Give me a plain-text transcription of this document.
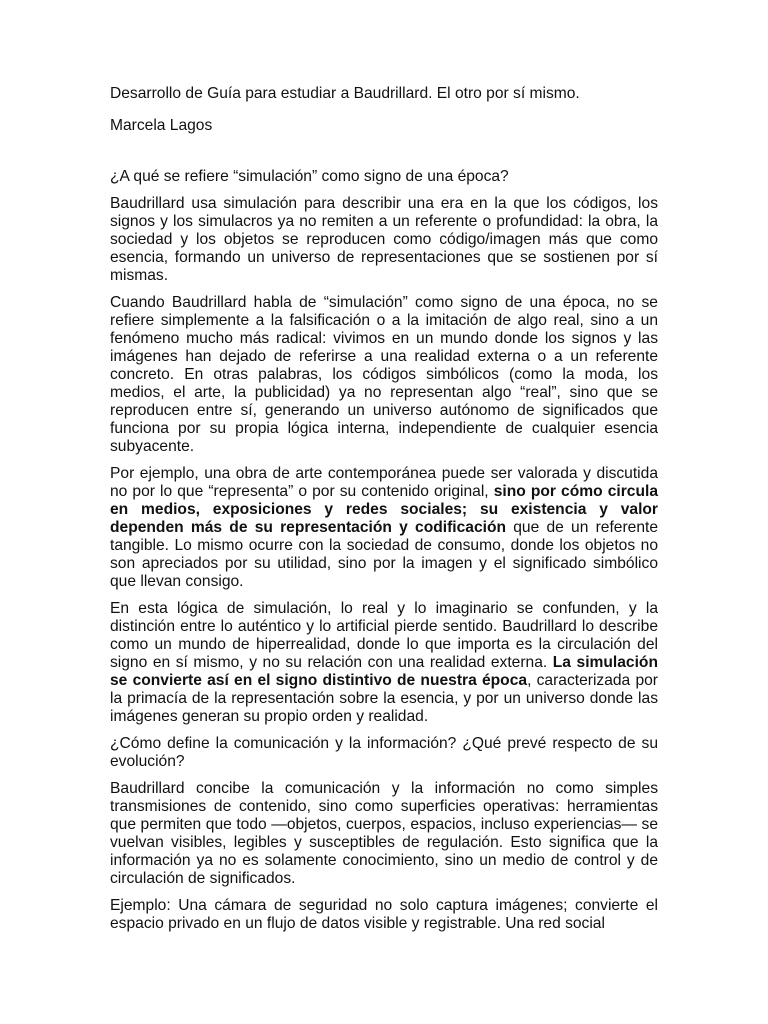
Desarrollo de Guía para estudiar a Baudrillard. El otro por sí mismo.

Marcela Lagos

¿A qué se refiere “simulación” como signo de una época?

Baudrillard usa simulación para describir una era en la que los códigos, los signos y los simulacros ya no remiten a un referente o profundidad: la obra, la sociedad y los objetos se reproducen como código/imagen más que como esencia, formando un universo de representaciones que se sostienen por sí mismas.

Cuando Baudrillard habla de “simulación” como signo de una época, no se refiere simplemente a la falsificación o a la imitación de algo real, sino a un fenómeno mucho más radical: vivimos en un mundo donde los signos y las imágenes han dejado de referirse a una realidad externa o a un referente concreto. En otras palabras, los códigos simbólicos (como la moda, los medios, el arte, la publicidad) ya no representan algo “real”, sino que se reproducen entre sí, generando un universo autónomo de significados que funciona por su propia lógica interna, independiente de cualquier esencia subyacente.

Por ejemplo, una obra de arte contemporánea puede ser valorada y discutida no por lo que “representa” o por su contenido original, sino por cómo circula en medios, exposiciones y redes sociales; su existencia y valor dependen más de su representación y codificación que de un referente tangible. Lo mismo ocurre con la sociedad de consumo, donde los objetos no son apreciados por su utilidad, sino por la imagen y el significado simbólico que llevan consigo.

En esta lógica de simulación, lo real y lo imaginario se confunden, y la distinción entre lo auténtico y lo artificial pierde sentido. Baudrillard lo describe como un mundo de hiperrealidad, donde lo que importa es la circulación del signo en sí mismo, y no su relación con una realidad externa. La simulación se convierte así en el signo distintivo de nuestra época, caracterizada por la primacía de la representación sobre la esencia, y por un universo donde las imágenes generan su propio orden y realidad.

¿Cómo define la comunicación y la información? ¿Qué prevé respecto de su evolución?

Baudrillard concibe la comunicación y la información no como simples transmisiones de contenido, sino como superficies operativas: herramientas que permiten que todo —objetos, cuerpos, espacios, incluso experiencias— se vuelvan visibles, legibles y susceptibles de regulación. Esto significa que la información ya no es solamente conocimiento, sino un medio de control y de circulación de significados.

Ejemplo: Una cámara de seguridad no solo captura imágenes; convierte el espacio privado en un flujo de datos visible y registrable. Una red social
